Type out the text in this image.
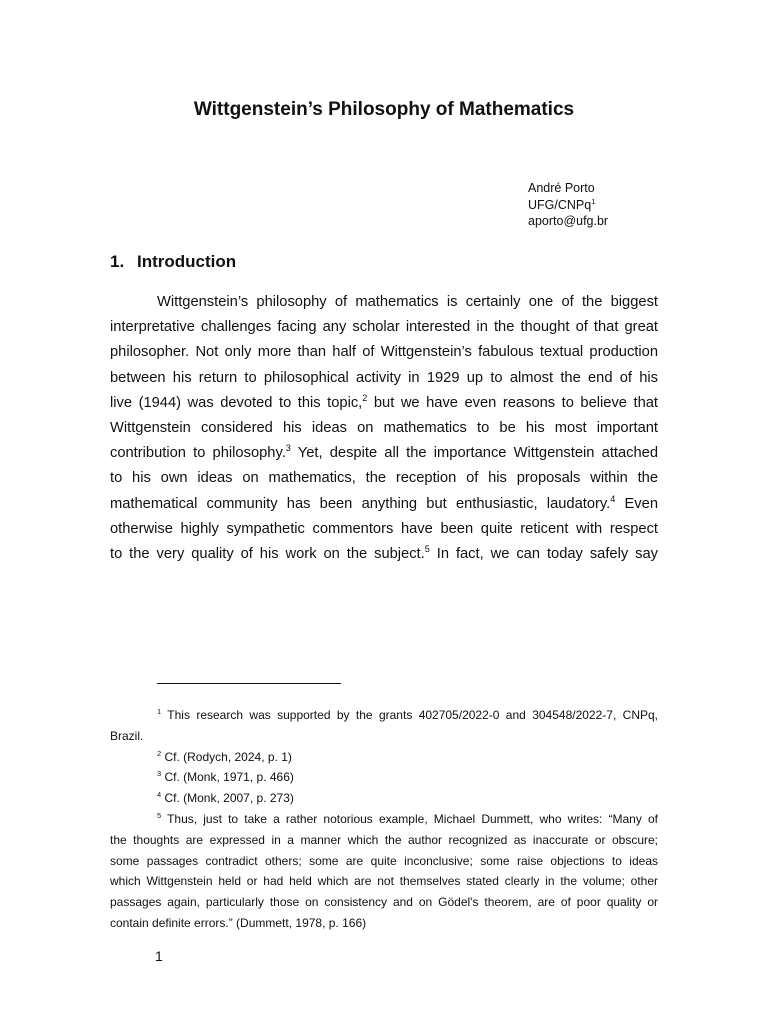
Wittgenstein’s Philosophy of Mathematics
André Porto
UFG/CNPq$^1$
aporto@ufg.br
1. Introduction
Wittgenstein’s philosophy of mathematics is certainly one of the biggest
interpretative challenges facing any scholar interested in the thought of that great
philosopher. Not only more than half of Wittgenstein’s fabulous textual production
between his return to philosophical activity in 1929 up to almost the end of his
live (1944) was devoted to this topic,$^2$ but we have even reasons to believe that
Wittgenstein considered his ideas on mathematics to be his most important
contribution to philosophy.$^3$ Yet, despite all the importance Wittgenstein attached
to his own ideas on mathematics, the reception of his proposals within the
mathematical community has been anything but enthusiastic, laudatory.$^4$ Even
otherwise highly sympathetic commentors have been quite reticent with respect
to the very quality of his work on the subject.$^5$ In fact, we can today safely say
$^1$ This research was supported by the grants 402705/2022-0 and 304548/2022-7, CNPq,
Brazil.
$^2$ Cf. (Rodych, 2024, p. 1)
$^3$ Cf. (Monk, 1971, p. 466)
$^4$ Cf. (Monk, 2007, p. 273)
$^5$ Thus, just to take a rather notorious example, Michael Dummett, who writes: “Many of
the thoughts are expressed in a manner which the author recognized as inaccurate or obscure;
some passages contradict others; some are quite inconclusive; some raise objections to ideas
which Wittgenstein held or had held which are not themselves stated clearly in the volume; other
passages again, particularly those on consistency and on Gödel's theorem, are of poor quality or
contain definite errors.” (Dummett, 1978, p. 166)
1
